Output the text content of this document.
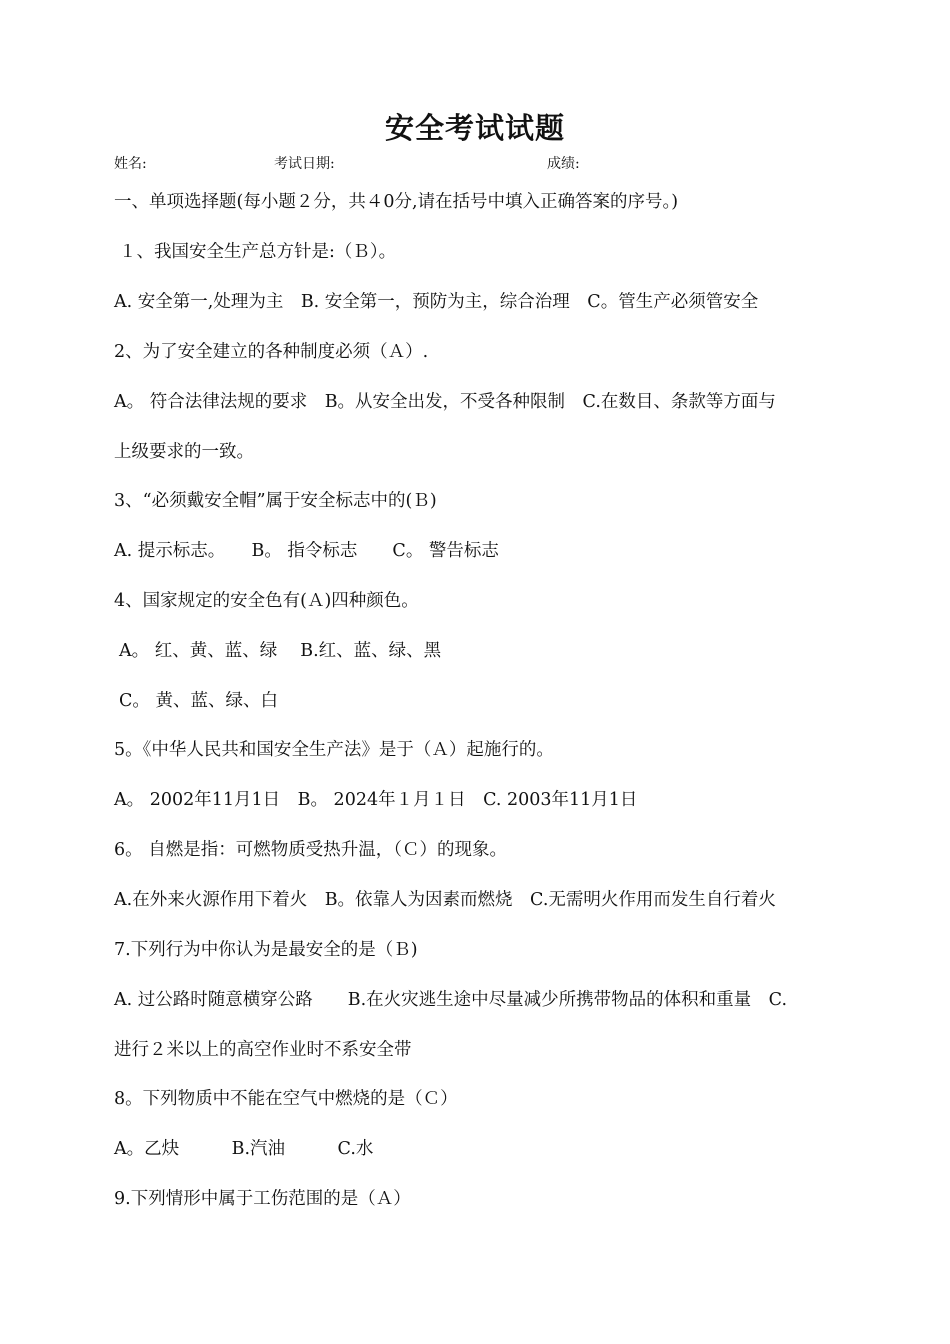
安全考试试题
姓名:	考试日期:	成绩:
一、单项选择题(每小题２分，共４0分,请在括号中填入正确答案的序号。)
１、我国安全生产总方针是:（Ｂ）。
A. 安全第一,处理为主　B. 安全第一，预防为主，综合治理　C。管生产必须管安全
2、为了安全建立的各种制度必须（Ａ）.
A。 符合法律法规的要求　B。从安全出发，不受各种限制　C.在数目、条款等方面与
上级要求的一致。
3、“必须戴安全帽”属于安全标志中的(Ｂ)
A. 提示标志。　　B。 指令标志　　C。 警告标志
4、国家规定的安全色有(Ａ)四种颜色。
A。 红、黄、蓝、绿　 B.红、蓝、绿、黑
C。 黄、蓝、绿、白
5。《中华人民共和国安全生产法》是于（Ａ）起施行的。
A。 2002年11月1日　B。 2024年１月１日　C. 2003年11月1日
6。 自燃是指：可燃物质受热升温，（Ｃ）的现象。
A.在外来火源作用下着火　B。依靠人为因素而燃烧　C.无需明火作用而发生自行着火
7.下列行为中你认为是最安全的是（Ｂ)
A. 过公路时随意横穿公路　　B.在火灾逃生途中尽量减少所携带物品的体积和重量　C.
进行２米以上的高空作业时不系安全带
8。下列物质中不能在空气中燃烧的是（Ｃ）
A。乙炔　　　B.汽油　　　C.水
9.下列情形中属于工伤范围的是（Ａ）
